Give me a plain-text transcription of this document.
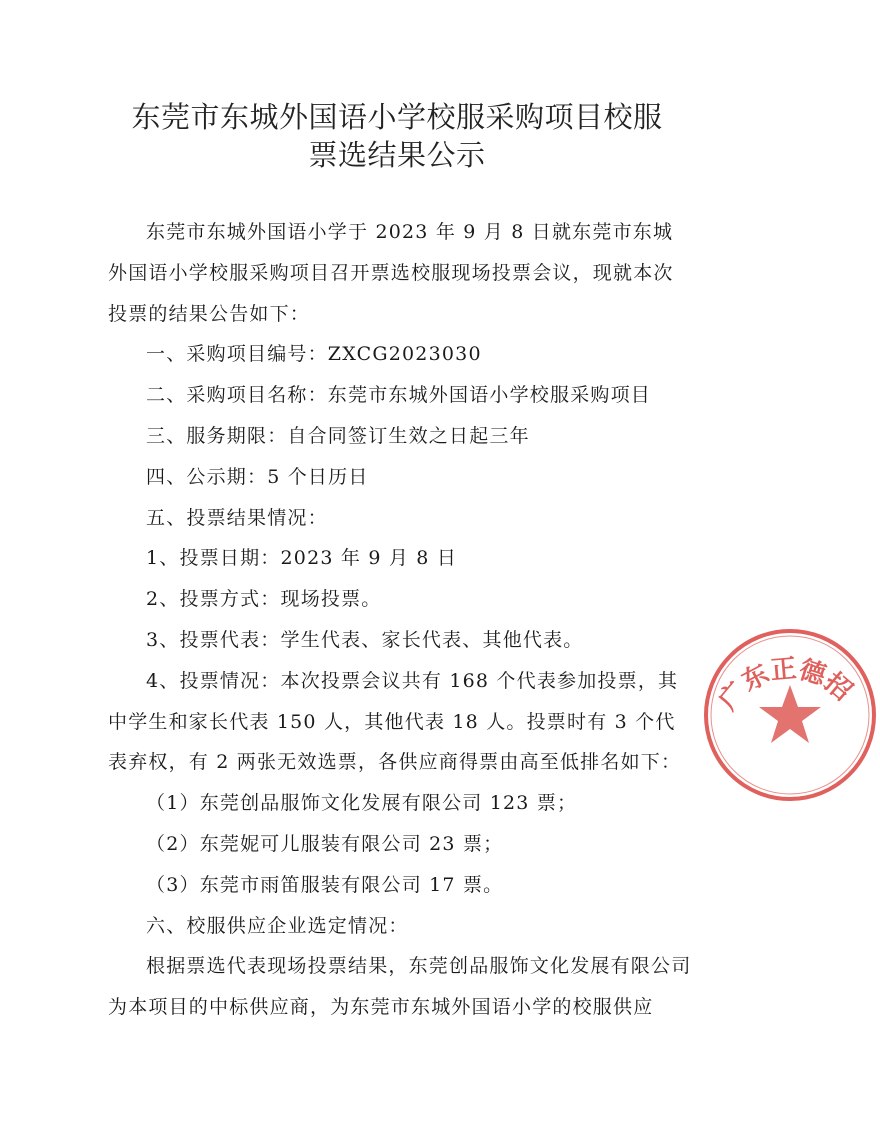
东莞市东城外国语小学校服采购项目校服
票选结果公示

东莞市东城外国语小学于 2023 年 9 月 8 日就东莞市东城外国语小学校服采购项目召开票选校服现场投票会议，现就本次投票的结果公告如下：

一、采购项目编号：ZXCG2023030

二、采购项目名称：东莞市东城外国语小学校服采购项目

三、服务期限：自合同签订生效之日起三年

四、公示期：5 个日历日

五、投票结果情况：

1、投票日期：2023 年 9 月 8 日

2、投票方式：现场投票。

3、投票代表：学生代表、家长代表、其他代表。

4、投票情况：本次投票会议共有 168 个代表参加投票，其中学生和家长代表 150 人，其他代表 18 人。投票时有 3 个代表弃权，有 2 两张无效选票，各供应商得票由高至低排名如下：

（1）东莞创品服饰文化发展有限公司 123 票；

（2）东莞妮可儿服装有限公司 23 票；

（3）东莞市雨笛服装有限公司 17 票。

六、校服供应企业选定情况：

根据票选代表现场投票结果，东莞创品服饰文化发展有限公司为本项目的中标供应商，为东莞市东城外国语小学的校服供应

广东正德招
